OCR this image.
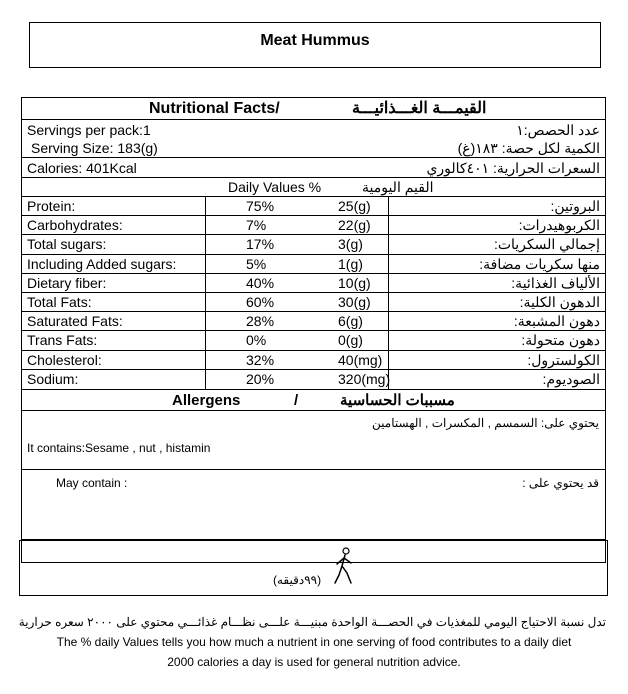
Meat Hummus
Nutritional Facts/	القيمـــة الغـــذائيـــة
Servings per pack:1	عدد الحصص:١
Serving Size: 183(g)	الكمية لكل حصة: ١٨٣(غ)
Calories: 401Kcal	السعرات الحرارية: ٤٠١كالوري
Daily Values %	القيم اليومية
Protein:	75%	25(g)	البروتين:
Carbohydrates:	7%	22(g)	الكربوهيدرات:
Total sugars:	17%	3(g)	إجمالي السكريات:
Including Added sugars:	5%	1(g)	منها سكريات مضافة:
Dietary fiber:	40%	10(g)	الألياف الغذائية:
Total Fats:	60%	30(g)	الدهون الكلية:
Saturated Fats:	28%	6(g)	دهون المشبعة:
Trans Fats:	0%	0(g)	دهون متحولة:
Cholesterol:	32%	40(mg)	الكولسترول:
Sodium:	20%	320(mg)	الصوديوم:
Allergens	/	مسببات الحساسية
يحتوي على: السمسم , المكسرات , الهستامين
It contains:Sesame , nut , histamin
May contain :	قد يحتوي على :
(٩٩دقيقه)
تدل نسبة الاحتياج اليومي للمغذيات في الحصـــة الواحدة مبنيـــة علـــى نظـــام غذائـــي محتوي على ٢٠٠٠ سعره حرارية
The % daily Values tells you how much a nutrient in one serving of food contributes to a daily diet
2000 calories a day is used for general nutrition advice.
